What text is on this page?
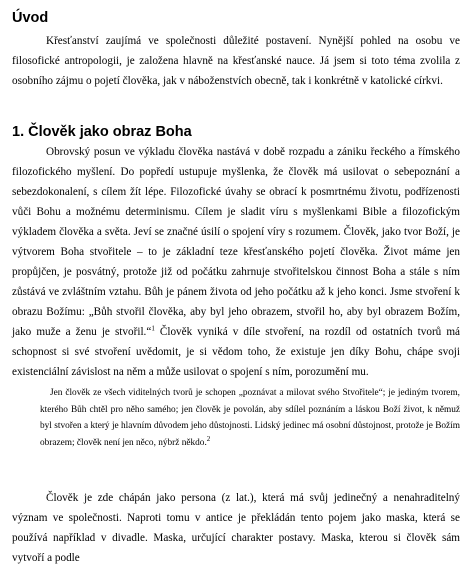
Úvod

Křesťanství zaujímá ve společnosti důležité postavení. Nynější pohled na osobu ve filosofické antropologii, je založena hlavně na křesťanské nauce. Já jsem si toto téma zvolila z osobního zájmu o pojetí člověka, jak v náboženstvích obecně, tak i konkrétně v katolické církvi.

1. Člověk jako obraz Boha

Obrovský posun ve výkladu člověka nastává v době rozpadu a zániku řeckého a římského filozofického myšlení. Do popředí ustupuje myšlenka, že člověk má usilovat o sebepoznání a sebezdokonalení, s cílem žít lépe. Filozofické úvahy se obrací k posmrtnému životu, podřízenosti vůči Bohu a možnému determinismu. Cílem je sladit víru s myšlenkami Bible a filozofickým výkladem člověka a světa. Jeví se značné úsilí o spojení víry s rozumem. Člověk, jako tvor Boží, je výtvorem Boha stvořitele – to je základní teze křesťanského pojetí člověka. Život máme jen propůjčen, je posvátný, protože již od počátku zahrnuje stvořitelskou činnost Boha a stále s ním zůstává ve zvláštním vztahu. Bůh je pánem života od jeho počátku až k jeho konci. Jsme stvoření k obrazu Božímu: „Bůh stvořil člověka, aby byl jeho obrazem, stvořil ho, aby byl obrazem Božím, jako muže a ženu je stvořil.“$^1$ Člověk vyniká v díle stvoření, na rozdíl od ostatních tvorů má schopnost si své stvoření uvědomit, je si vědom toho, že existuje jen díky Bohu, chápe svoji existenciální závislost na něm a může usilovat o spojení s ním, porozumění mu.

Jen člověk ze všech viditelných tvorů je schopen „poznávat a milovat svého Stvořitele“; je jediným tvorem, kterého Bůh chtěl pro něho samého; jen člověk je povolán, aby sdílel poznáním a láskou Boží život, k němuž byl stvořen a který je hlavním důvodem jeho důstojnosti. Lidský jedinec má osobní důstojnost, protože je Božím obrazem; člověk není jen něco, nýbrž někdo.$^2$

Člověk je zde chápán jako persona (z lat.), která má svůj jedinečný a nenahraditelný význam ve společnosti. Naproti tomu v antice je překládán tento pojem jako maska, která se používá například v divadle. Maska, určující charakter postavy. Maska, kterou si člověk sám vytvoří a podle
